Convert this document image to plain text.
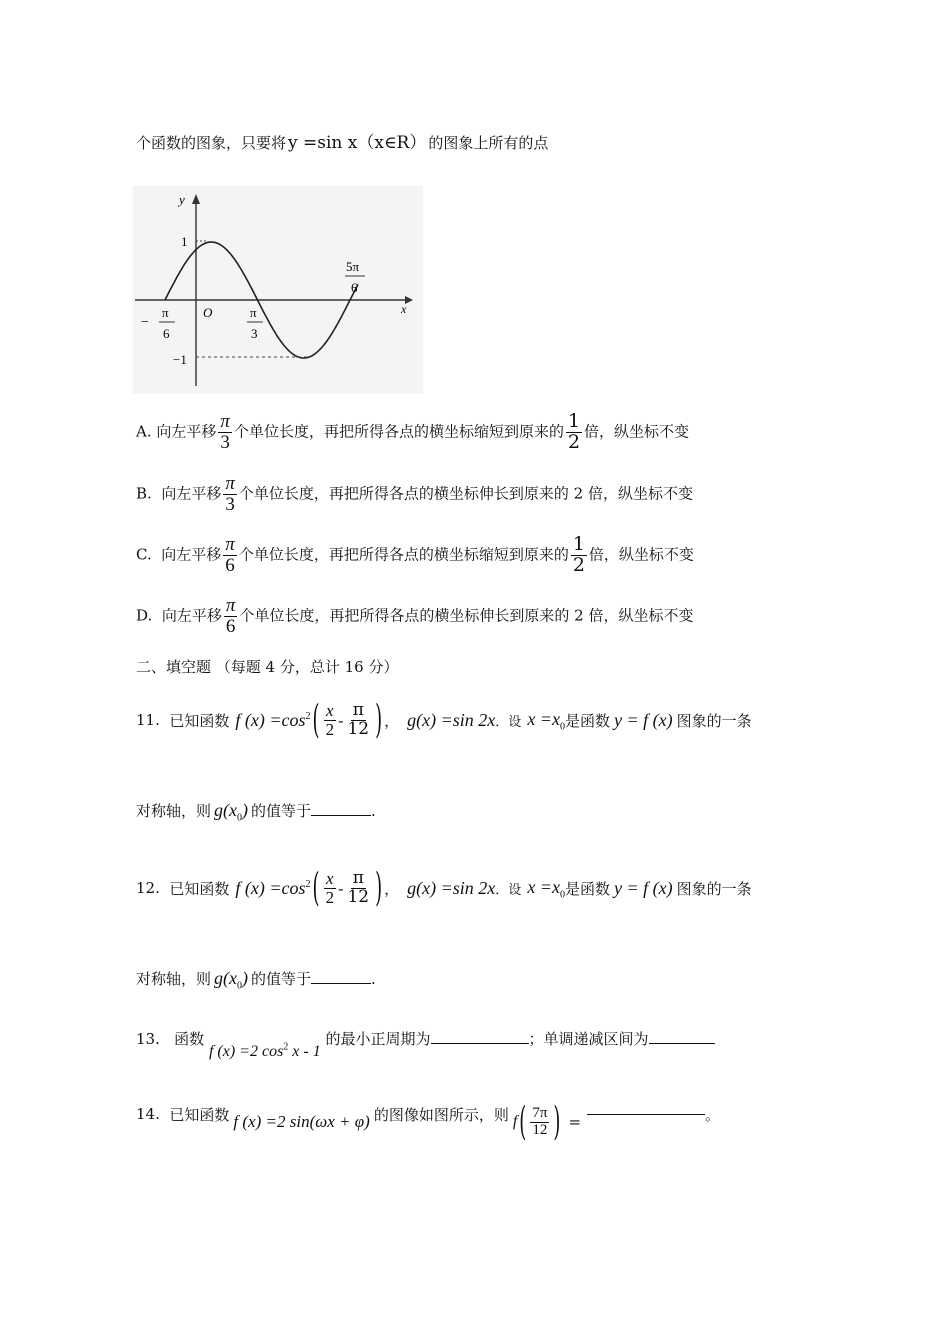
个函数的图象，只要将 y =sin x（x∈R） 的图象上所有的点
y
x
O
1
−1
−
π
6
π
3
5π
6
A. 向左平移 $\frac{\pi}{3}$ 个单位长度，再把所得各点的横坐标缩短到原来的 $\frac{1}{2}$ 倍，纵坐标不变
B. 向左平移 $\frac{\pi}{3}$ 个单位长度，再把所得各点的横坐标伸长到原来的 2 倍，纵坐标不变
C. 向左平移 $\frac{\pi}{6}$ 个单位长度，再把所得各点的横坐标缩短到原来的 $\frac{1}{2}$ 倍，纵坐标不变
D. 向左平移 $\frac{\pi}{6}$ 个单位长度，再把所得各点的横坐标伸长到原来的 2 倍，纵坐标不变
二、填空题 （每题 4 分，总计 16 分）
11.
已知函数 f $(x) =\cos^2$ ( $\frac{x}{2} - \frac{\pi}{12}$ ) ， g(x) =sin 2x ．设 $x =x_0$ 是函数 y = f (x) 图象的一条
对称轴，则 $g(x_0)$ 的值等于	.
12.
已知函数 f $(x) =\cos^2$ ( $\frac{x}{2} - \frac{\pi}{12}$ ) ， g(x) =sin 2x ．设 $x =x_0$ 是函数 y = f (x) 图象的一条
对称轴，则 $g(x_0)$ 的值等于	.
13. 函数 f (x) =2 $\cos^2 x - 1$ 的最小正周期为	；单调递减区间为
14.
已知函数 f (x) =2 sin(ωx + φ) 的图像如图所示，则 f ( $\frac{7\pi}{12}$ ) =	。
